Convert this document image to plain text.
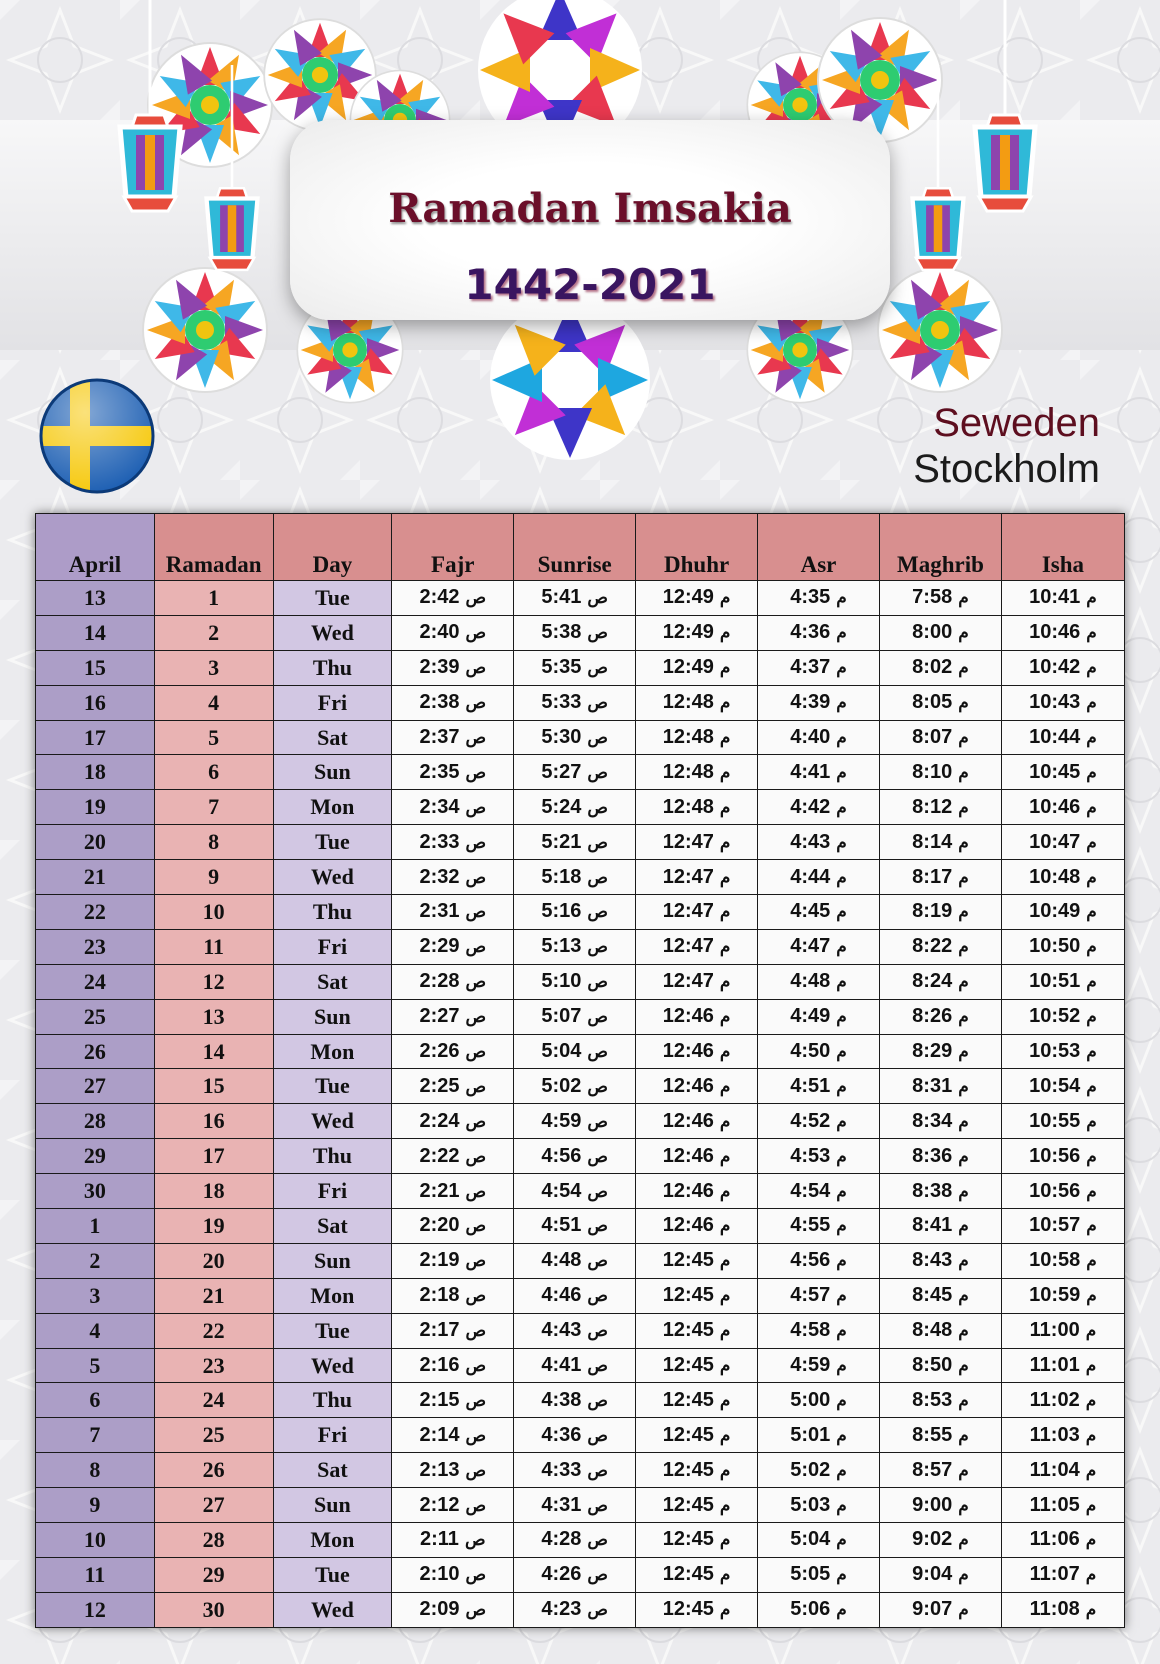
Ramadan Imsakia
1442-2021
Seweden
Stockholm
April	Ramadan	Day	Fajr	Sunrise	Dhuhr	Asr	Maghrib	Isha
13	1	Tue	2:42 ص	5:41 ص	12:49 م	4:35 م	7:58 م	10:41 م
14	2	Wed	2:40 ص	5:38 ص	12:49 م	4:36 م	8:00 م	10:46 م
15	3	Thu	2:39 ص	5:35 ص	12:49 م	4:37 م	8:02 م	10:42 م
16	4	Fri	2:38 ص	5:33 ص	12:48 م	4:39 م	8:05 م	10:43 م
17	5	Sat	2:37 ص	5:30 ص	12:48 م	4:40 م	8:07 م	10:44 م
18	6	Sun	2:35 ص	5:27 ص	12:48 م	4:41 م	8:10 م	10:45 م
19	7	Mon	2:34 ص	5:24 ص	12:48 م	4:42 م	8:12 م	10:46 م
20	8	Tue	2:33 ص	5:21 ص	12:47 م	4:43 م	8:14 م	10:47 م
21	9	Wed	2:32 ص	5:18 ص	12:47 م	4:44 م	8:17 م	10:48 م
22	10	Thu	2:31 ص	5:16 ص	12:47 م	4:45 م	8:19 م	10:49 م
23	11	Fri	2:29 ص	5:13 ص	12:47 م	4:47 م	8:22 م	10:50 م
24	12	Sat	2:28 ص	5:10 ص	12:47 م	4:48 م	8:24 م	10:51 م
25	13	Sun	2:27 ص	5:07 ص	12:46 م	4:49 م	8:26 م	10:52 م
26	14	Mon	2:26 ص	5:04 ص	12:46 م	4:50 م	8:29 م	10:53 م
27	15	Tue	2:25 ص	5:02 ص	12:46 م	4:51 م	8:31 م	10:54 م
28	16	Wed	2:24 ص	4:59 ص	12:46 م	4:52 م	8:34 م	10:55 م
29	17	Thu	2:22 ص	4:56 ص	12:46 م	4:53 م	8:36 م	10:56 م
30	18	Fri	2:21 ص	4:54 ص	12:46 م	4:54 م	8:38 م	10:56 م
1	19	Sat	2:20 ص	4:51 ص	12:46 م	4:55 م	8:41 م	10:57 م
2	20	Sun	2:19 ص	4:48 ص	12:45 م	4:56 م	8:43 م	10:58 م
3	21	Mon	2:18 ص	4:46 ص	12:45 م	4:57 م	8:45 م	10:59 م
4	22	Tue	2:17 ص	4:43 ص	12:45 م	4:58 م	8:48 م	11:00 م
5	23	Wed	2:16 ص	4:41 ص	12:45 م	4:59 م	8:50 م	11:01 م
6	24	Thu	2:15 ص	4:38 ص	12:45 م	5:00 م	8:53 م	11:02 م
7	25	Fri	2:14 ص	4:36 ص	12:45 م	5:01 م	8:55 م	11:03 م
8	26	Sat	2:13 ص	4:33 ص	12:45 م	5:02 م	8:57 م	11:04 م
9	27	Sun	2:12 ص	4:31 ص	12:45 م	5:03 م	9:00 م	11:05 م
10	28	Mon	2:11 ص	4:28 ص	12:45 م	5:04 م	9:02 م	11:06 م
11	29	Tue	2:10 ص	4:26 ص	12:45 م	5:05 م	9:04 م	11:07 م
12	30	Wed	2:09 ص	4:23 ص	12:45 م	5:06 م	9:07 م	11:08 م
